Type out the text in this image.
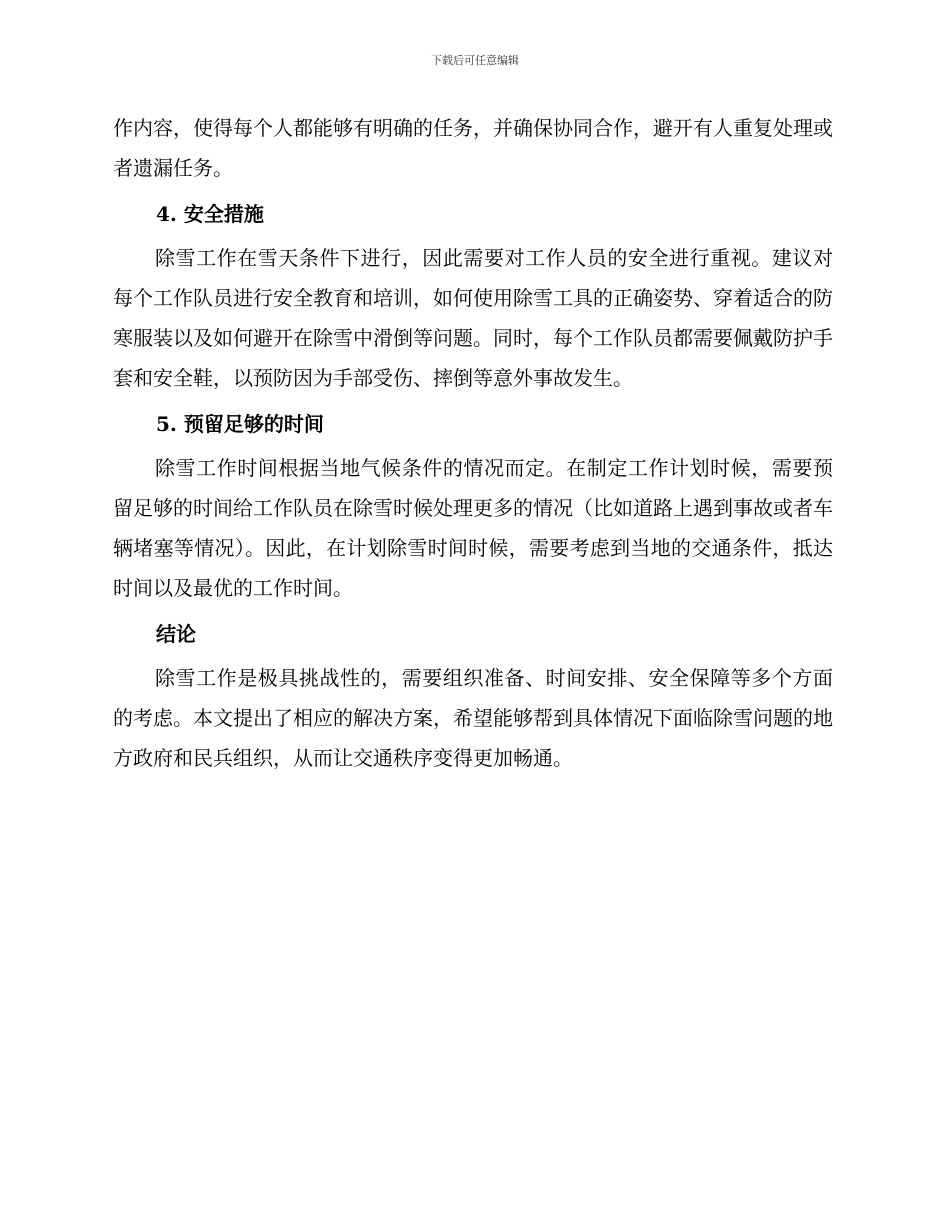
下载后可任意编辑

作内容，使得每个人都能够有明确的任务，并确保协同合作，避开有人重复处理或者遗漏任务。

4. 安全措施

除雪工作在雪天条件下进行，因此需要对工作人员的安全进行重视。建议对每个工作队员进行安全教育和培训，如何使用除雪工具的正确姿势、穿着适合的防寒服装以及如何避开在除雪中滑倒等问题。同时，每个工作队员都需要佩戴防护手套和安全鞋，以预防因为手部受伤、摔倒等意外事故发生。

5. 预留足够的时间

除雪工作时间根据当地气候条件的情况而定。在制定工作计划时候，需要预留足够的时间给工作队员在除雪时候处理更多的情况（比如道路上遇到事故或者车辆堵塞等情况）。因此，在计划除雪时间时候，需要考虑到当地的交通条件，抵达时间以及最优的工作时间。

结论

除雪工作是极具挑战性的，需要组织准备、时间安排、安全保障等多个方面的考虑。本文提出了相应的解决方案，希望能够帮到具体情况下面临除雪问题的地方政府和民兵组织，从而让交通秩序变得更加畅通。
